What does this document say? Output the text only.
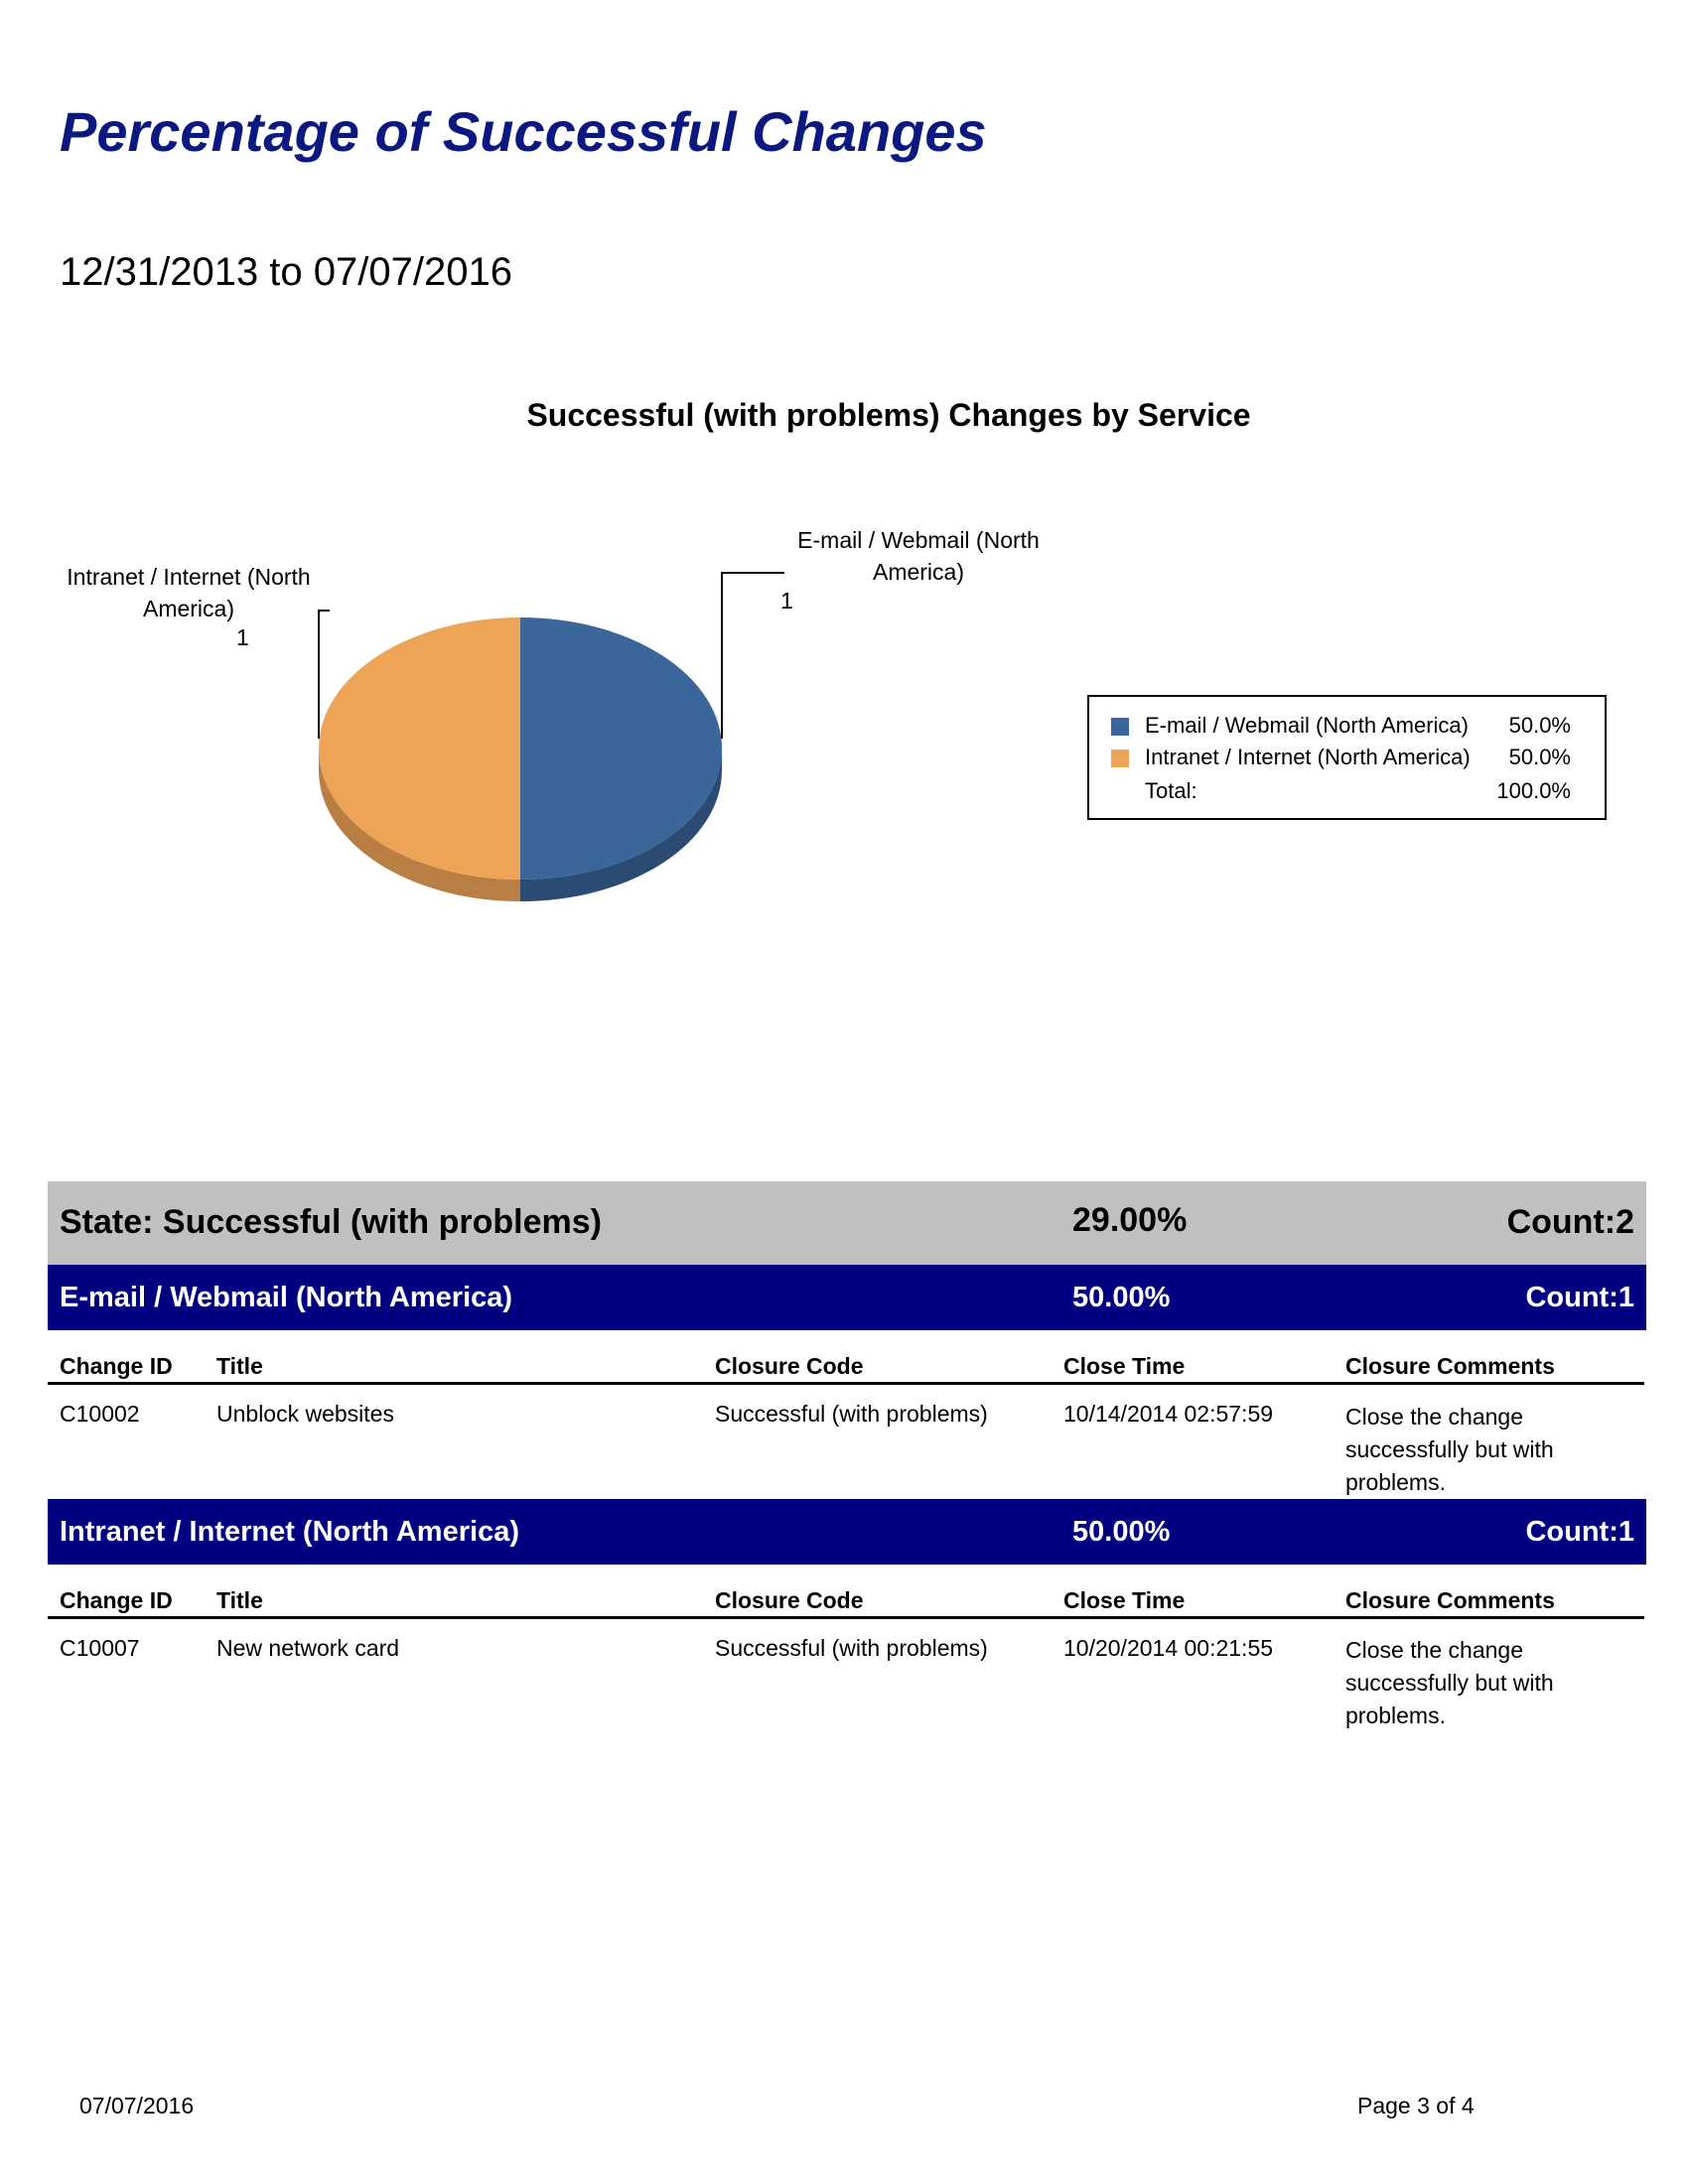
Percentage of Successful Changes
12/31/2013 to 07/07/2016
Successful (with problems) Changes by Service
E-mail / Webmail (North
America)
1
Intranet / Internet (North
America)
1
E-mail / Webmail (North America) 50.0%
Intranet / Internet (North America) 50.0%
Total:	100.0%
State: Successful (with problems)	29.00%	Count:2
E-mail / Webmail (North America)	50.00%	Count:1
Change ID Title	Closure Code	Close Time	Closure Comments
C10002	Unblock websites	Successful (with problems)	10/14/2014 02:57:59	Close the change successfully but with problems.
Intranet / Internet (North America)	50.00%	Count:1
Change ID Title	Closure Code	Close Time	Closure Comments
C10007	New network card	Successful (with problems)	10/20/2014 00:21:55	Close the change successfully but with problems.
07/07/2016	Page 3 of 4
